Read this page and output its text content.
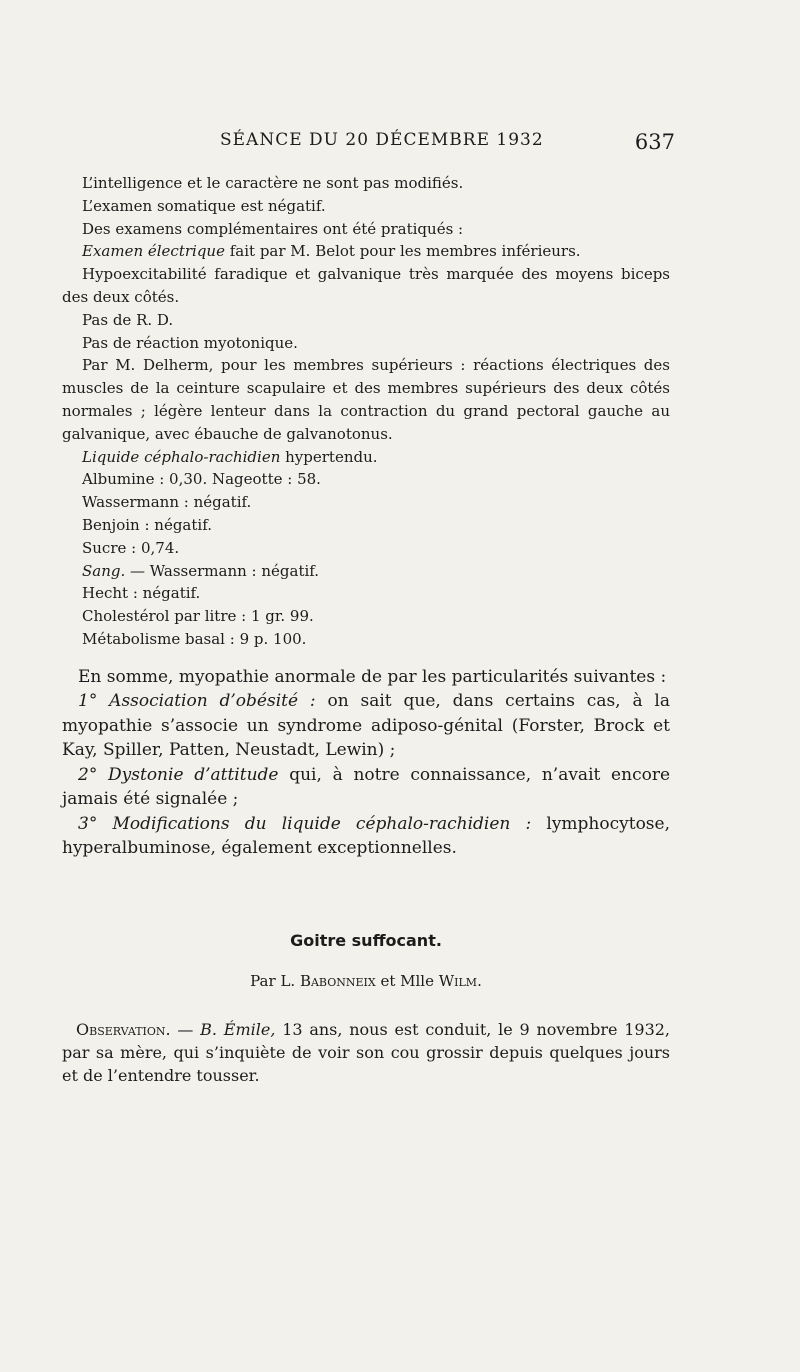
SÉANCE DU 20 DÉCEMBRE 1932	637

L’intelligence et le caractère ne sont pas modifiés.

L’examen somatique est négatif.

Des examens complémentaires ont été pratiqués :

Examen électrique fait par M. Belot pour les membres inférieurs.

Hypoexcitabilité faradique et galvanique très marquée des moyens biceps des deux côtés.

Pas de R. D.

Pas de réaction myotonique.

Par M. Delherm, pour les membres supérieurs : réactions électriques des muscles de la ceinture scapulaire et des membres supérieurs des deux côtés normales ; légère lenteur dans la contraction du grand pectoral gauche au galvanique, avec ébauche de galvanotonus.

Liquide céphalo-rachidien hypertendu.

Albumine : 0,30. Nageotte : 58.

Wassermann : négatif.

Benjoin : négatif.

Sucre : 0,74.

Sang. — Wassermann : négatif.

Hecht : négatif.

Cholestérol par litre : 1 gr. 99.

Métabolisme basal : 9 p. 100.

En somme, myopathie anormale de par les particularités suivantes :

1° Association d’obésité : on sait que, dans certains cas, à la myopathie s’associe un syndrome adiposo-génital (Forster, Brock et Kay, Spiller, Patten, Neustadt, Lewin) ;

2° Dystonie d’attitude qui, à notre connaissance, n’avait encore jamais été signalée ;

3° Modifications du liquide céphalo-rachidien : lymphocytose, hyperalbuminose, également exceptionnelles.

Goitre suffocant.
Par L. Babonneix et Mlle Wilm.

Observation. — B. Émile, 13 ans, nous est conduit, le 9 novembre 1932, par sa mère, qui s’inquiète de voir son cou grossir depuis quelques jours et de l’entendre tousser.
